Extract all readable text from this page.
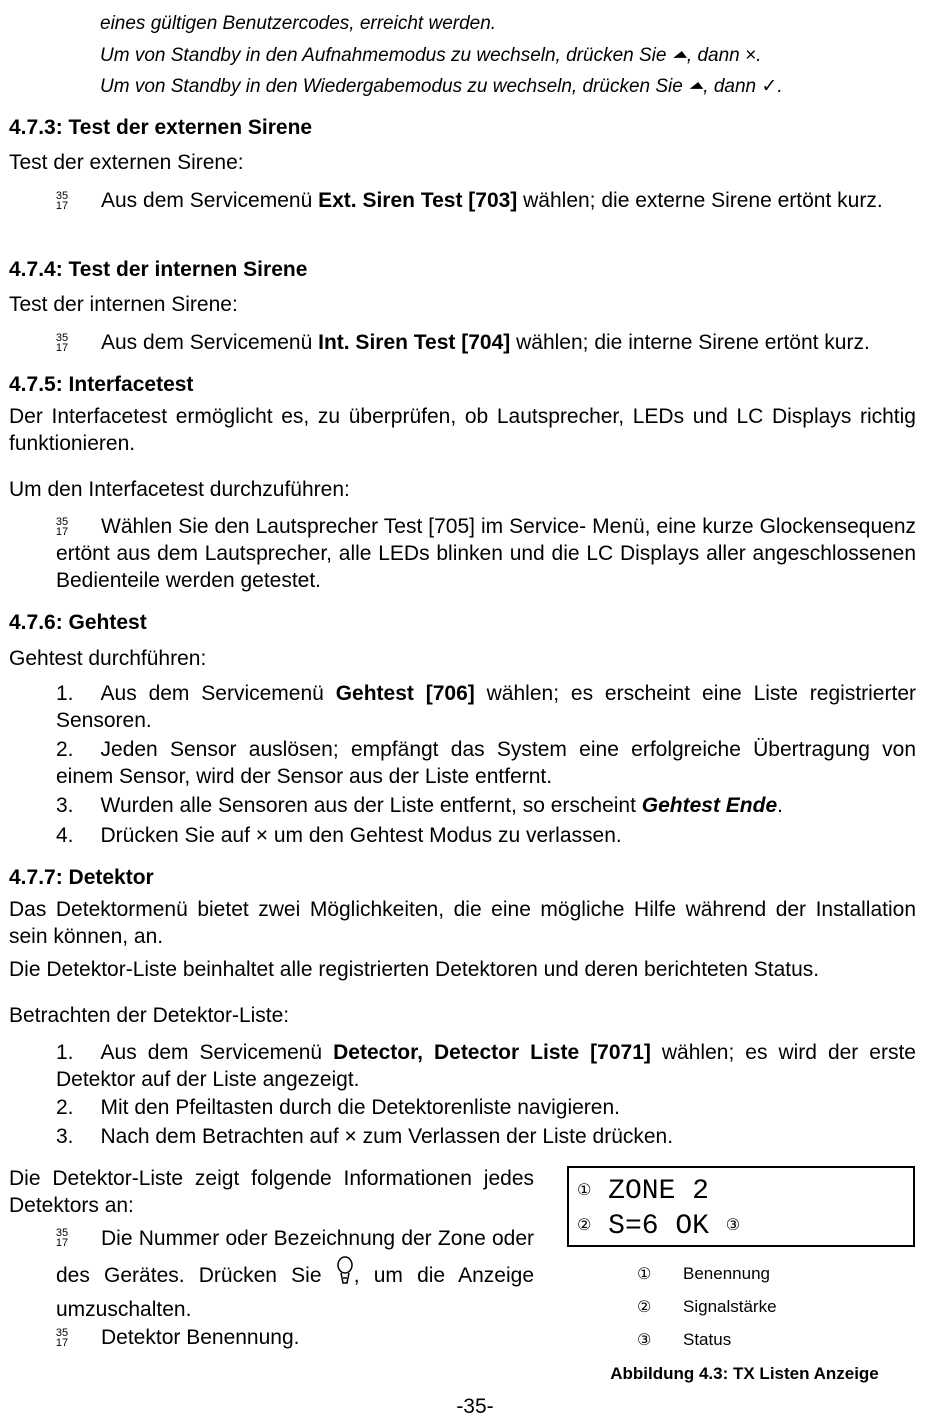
eines gültigen Benutzercodes, erreicht werden.
Um von Standby in den Aufnahmemodus zu wechseln, drücken Sie ⏶, dann ×.
Um von Standby in den Wiedergabemodus zu wechseln, drücken Sie ⏶, dann ✓.
4.7.3: Test der externen Sirene
Test der externen Sirene:
35
17 Aus dem Servicemenü Ext. Siren Test [703] wählen; die externe Sirene ertönt kurz.
4.7.4: Test der internen Sirene
Test der internen Sirene:
35
17 Aus dem Servicemenü Int. Siren Test [704] wählen; die interne Sirene ertönt kurz.
4.7.5: Interfacetest
Der Interfacetest ermöglicht es, zu überprüfen, ob Lautsprecher, LEDs und LC Displays richtig funktionieren.
Um den Interfacetest durchzuführen:
35
17 Wählen Sie den Lautsprecher Test [705] im Service- Menü, eine kurze Glockensequenz ertönt aus dem Lautsprecher, alle LEDs blinken und die LC Displays aller angeschlossenen Bedienteile werden getestet.
4.7.6: Gehtest
Gehtest durchführen:
1. Aus dem Servicemenü Gehtest [706] wählen; es erscheint eine Liste registrierter Sensoren.
2. Jeden Sensor auslösen; empfängt das System eine erfolgreiche Übertragung von einem Sensor, wird der Sensor aus der Liste entfernt.
3. Wurden alle Sensoren aus der Liste entfernt, so erscheint Gehtest Ende.
4. Drücken Sie auf × um den Gehtest Modus zu verlassen.
4.7.7: Detektor
Das Detektormenü bietet zwei Möglichkeiten, die eine mögliche Hilfe während der Installation sein können, an.
Die Detektor-Liste beinhaltet alle registrierten Detektoren und deren berichteten Status.
Betrachten der Detektor-Liste:
1. Aus dem Servicemenü Detector, Detector Liste [7071] wählen; es wird der erste Detektor auf der Liste angezeigt.
2. Mit den Pfeiltasten durch die Detektorenliste navigieren.
3. Nach dem Betrachten auf × zum Verlassen der Liste drücken.
Die Detektor-Liste zeigt folgende Informationen jedes Detektors an:
35
17 Die Nummer oder Bezeichnung der Zone oder des Gerätes. Drücken Sie , um die Anzeige umzuschalten.
35
17 Detektor Benennung.
① ZONE 2
② S=6 OK ③
① Benennung
② Signalstärke
③ Status
Abbildung 4.3: TX Listen Anzeige
-35-
